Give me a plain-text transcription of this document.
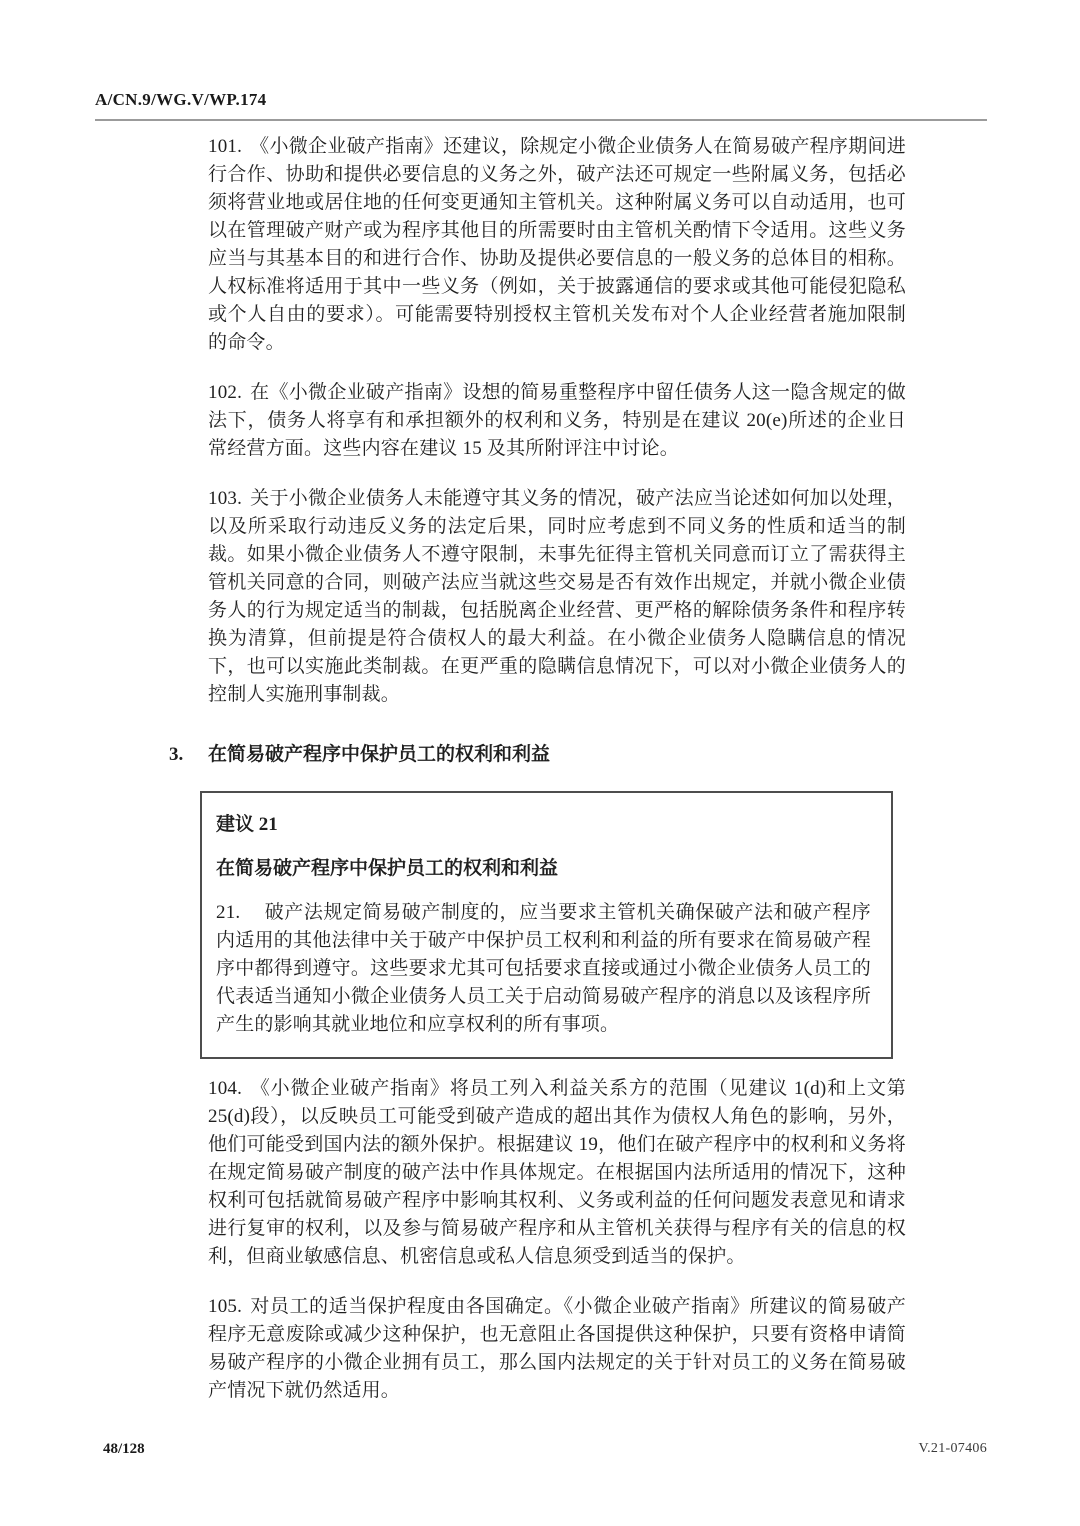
A/CN.9/WG.V/WP.174

101. 《小微企业破产指南》还建议，除规定小微企业债务人在简易破产程序期间进行合作、协助和提供必要信息的义务之外，破产法还可规定一些附属义务，包括必须将营业地或居住地的任何变更通知主管机关。这种附属义务可以自动适用，也可以在管理破产财产或为程序其他目的所需要时由主管机关酌情下令适用。这些义务应当与其基本目的和进行合作、协助及提供必要信息的一般义务的总体目的相称。人权标准将适用于其中一些义务（例如，关于披露通信的要求或其他可能侵犯隐私或个人自由的要求）。可能需要特别授权主管机关发布对个人企业经营者施加限制的命令。

102. 在《小微企业破产指南》设想的简易重整程序中留任债务人这一隐含规定的做法下，债务人将享有和承担额外的权利和义务，特别是在建议 20(e)所述的企业日常经营方面。这些内容在建议 15 及其所附评注中讨论。

103. 关于小微企业债务人未能遵守其义务的情况，破产法应当论述如何加以处理，以及所采取行动违反义务的法定后果，同时应考虑到不同义务的性质和适当的制裁。如果小微企业债务人不遵守限制，未事先征得主管机关同意而订立了需获得主管机关同意的合同，则破产法应当就这些交易是否有效作出规定，并就小微企业债务人的行为规定适当的制裁，包括脱离企业经营、更严格的解除债务条件和程序转换为清算，但前提是符合债权人的最大利益。在小微企业债务人隐瞒信息的情况下，也可以实施此类制裁。在更严重的隐瞒信息情况下，可以对小微企业债务人的控制人实施刑事制裁。

3. 在简易破产程序中保护员工的权利和利益

建议 21

在简易破产程序中保护员工的权利和利益

21. 破产法规定简易破产制度的，应当要求主管机关确保破产法和破产程序内适用的其他法律中关于破产中保护员工权利和利益的所有要求在简易破产程序中都得到遵守。这些要求尤其可包括要求直接或通过小微企业债务人员工的代表适当通知小微企业债务人员工关于启动简易破产程序的消息以及该程序所产生的影响其就业地位和应享权利的所有事项。

104. 《小微企业破产指南》将员工列入利益关系方的范围（见建议 1(d)和上文第 25(d)段），以反映员工可能受到破产造成的超出其作为债权人角色的影响，另外，他们可能受到国内法的额外保护。根据建议 19，他们在破产程序中的权利和义务将在规定简易破产制度的破产法中作具体规定。在根据国内法所适用的情况下，这种权利可包括就简易破产程序中影响其权利、义务或利益的任何问题发表意见和请求进行复审的权利，以及参与简易破产程序和从主管机关获得与程序有关的信息的权利，但商业敏感信息、机密信息或私人信息须受到适当的保护。

105. 对员工的适当保护程度由各国确定。《小微企业破产指南》所建议的简易破产程序无意废除或减少这种保护，也无意阻止各国提供这种保护，只要有资格申请简易破产程序的小微企业拥有员工，那么国内法规定的关于针对员工的义务在简易破产情况下就仍然适用。

48/128	V.21-07406
